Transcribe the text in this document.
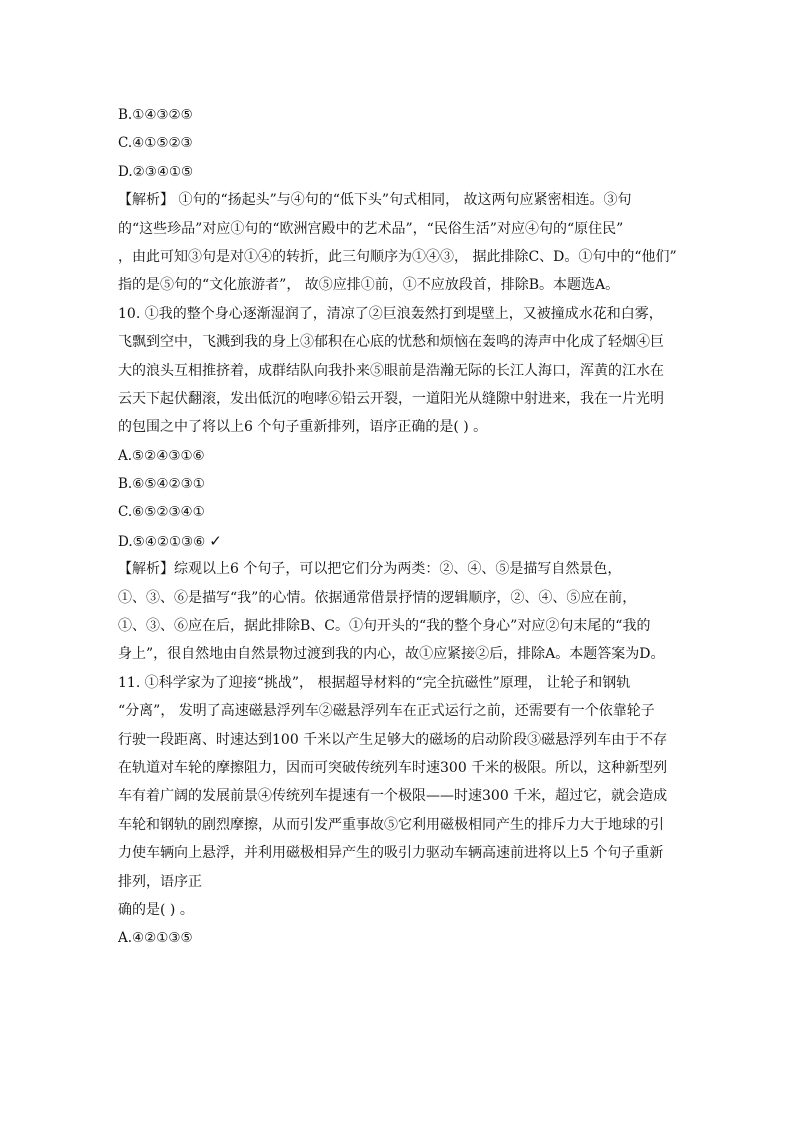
B.①④③②⑤

C.④①⑤②③

D.②③④①⑤

【解析】 ①句的“扬起头”与④句的“低下头”句式相同， 故这两句应紧密相连。③句

的“这些珍品”对应①句的“欧洲宫殿中的艺术品”，“民俗生活”对应④句的“原住民”

，由此可知③句是对①④的转折，此三句顺序为①④③， 据此排除C、D。①句中的“他们”

指的是⑤句的“文化旅游者”， 故⑤应排①前，①不应放段首，排除B。本题选A。

10. ①我的整个身心逐渐湿润了，清凉了②巨浪轰然打到堤壁上，又被撞成水花和白雾，

飞飘到空中，飞溅到我的身上③郁积在心底的忧愁和烦恼在轰鸣的涛声中化成了轻烟④巨

大的浪头互相推挤着，成群结队向我扑来⑤眼前是浩瀚无际的长江人海口，浑黄的江水在

云天下起伏翻滚，发出低沉的咆哮⑥铅云开裂，一道阳光从缝隙中射进来，我在一片光明

的包围之中了将以上6 个句子重新排列，语序正确的是( ) 。

A.⑤②④③①⑥

B.⑥⑤④②③①

C.⑥⑤②③④①

D.⑤④②①③⑥ ✓

【解析】综观以上6 个句子，可以把它们分为两类：②、④、⑤是描写自然景色，

①、③、⑥是描写“我”的心情。依据通常借景抒情的逻辑顺序，②、④、⑤应在前，

①、③、⑥应在后，据此排除B、C。①句开头的“我的整个身心”对应②句末尾的“我的

身上”，很自然地由自然景物过渡到我的内心，故①应紧接②后，排除A。本题答案为D。

11. ①科学家为了迎接“挑战”， 根据超导材料的“完全抗磁性”原理， 让轮子和钢轨

“分离”， 发明了高速磁悬浮列车②磁悬浮列车在正式运行之前，还需要有一个依靠轮子

行驶一段距离、时速达到100 千米以产生足够大的磁场的启动阶段③磁悬浮列车由于不存

在轨道对车轮的摩擦阻力，因而可突破传统列车时速300 千米的极限。所以，这种新型列

车有着广阔的发展前景④传统列车提速有一个极限——时速300 千米，超过它，就会造成

车轮和钢轨的剧烈摩擦，从而引发严重事故⑤它利用磁极相同产生的排斥力大于地球的引

力使车辆向上悬浮，并利用磁极相异产生的吸引力驱动车辆高速前进将以上5 个句子重新

排列，语序正

确的是( ) 。

A.④②①③⑤
